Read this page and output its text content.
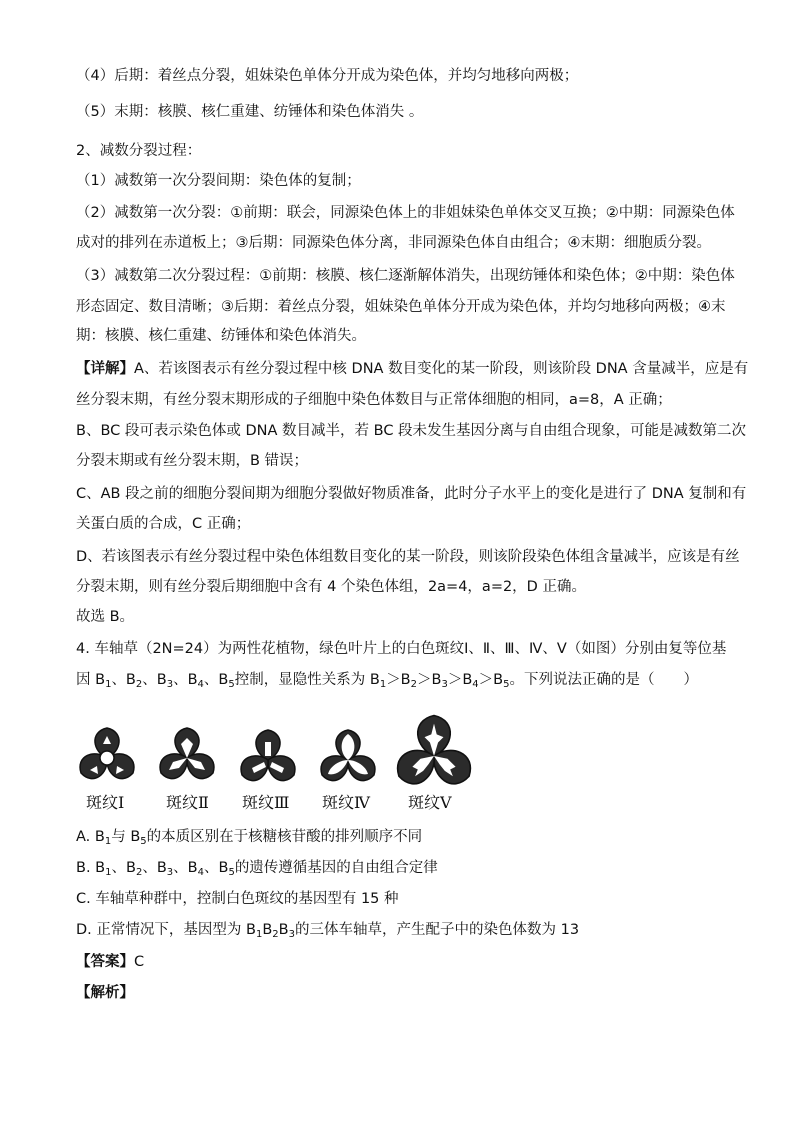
（4）后期：着丝点分裂，姐妹染色单体分开成为染色体，并均匀地移向两极；
（5）末期：核膜、核仁重建、纺锤体和染色体消失 。
2、减数分裂过程：
（1）减数第一次分裂间期：染色体的复制；
（2）减数第一次分裂：①前期：联会，同源染色体上的非姐妹染色单体交叉互换；②中期：同源染色体
成对的排列在赤道板上；③后期：同源染色体分离，非同源染色体自由组合；④末期：细胞质分裂。
（3）减数第二次分裂过程：①前期：核膜、核仁逐渐解体消失，出现纺锤体和染色体；②中期：染色体
形态固定、数目清晰；③后期：着丝点分裂，姐妹染色单体分开成为染色体，并均匀地移向两极；④末
期：核膜、核仁重建、纺锤体和染色体消失。
【详解】A、若该图表示有丝分裂过程中核 DNA 数目变化的某一阶段，则该阶段 DNA 含量减半，应是有
丝分裂末期，有丝分裂末期形成的子细胞中染色体数目与正常体细胞的相同，a=8，A 正确；
B、BC 段可表示染色体或 DNA 数目减半，若 BC 段未发生基因分离与自由组合现象，可能是减数第二次
分裂末期或有丝分裂末期，B 错误；
C、AB 段之前的细胞分裂间期为细胞分裂做好物质准备，此时分子水平上的变化是进行了 DNA 复制和有
关蛋白质的合成，C 正确；
D、若该图表示有丝分裂过程中染色体组数目变化的某一阶段，则该阶段染色体组含量减半，应该是有丝
分裂末期，则有丝分裂后期细胞中含有 4 个染色体组，2a=4，a=2，D 正确。
故选 B。
4. 车轴草（2N=24）为两性花植物，绿色叶片上的白色斑纹Ⅰ、Ⅱ、Ⅲ、Ⅳ、Ⅴ（如图）分别由复等位基
因 $B_1$、$B_2$、$B_3$、$B_4$、$B_5$控制，显隐性关系为 $B_1>B_2>B_3>B_4>B_5$。下列说法正确的是（　　）
斑纹Ⅰ	斑纹Ⅱ 斑纹Ⅲ 斑纹Ⅳ 斑纹Ⅴ
A. $B_1$与 $B_5$的本质区别在于核糖核苷酸的排列顺序不同
B. $B_1$、$B_2$、$B_3$、$B_4$、$B_5$的遗传遵循基因的自由组合定律
C. 车轴草种群中，控制白色斑纹的基因型有 15 种
D. 正常情况下，基因型为 $B_1B_2B_3$的三体车轴草，产生配子中的染色体数为 13
【答案】C
【解析】
